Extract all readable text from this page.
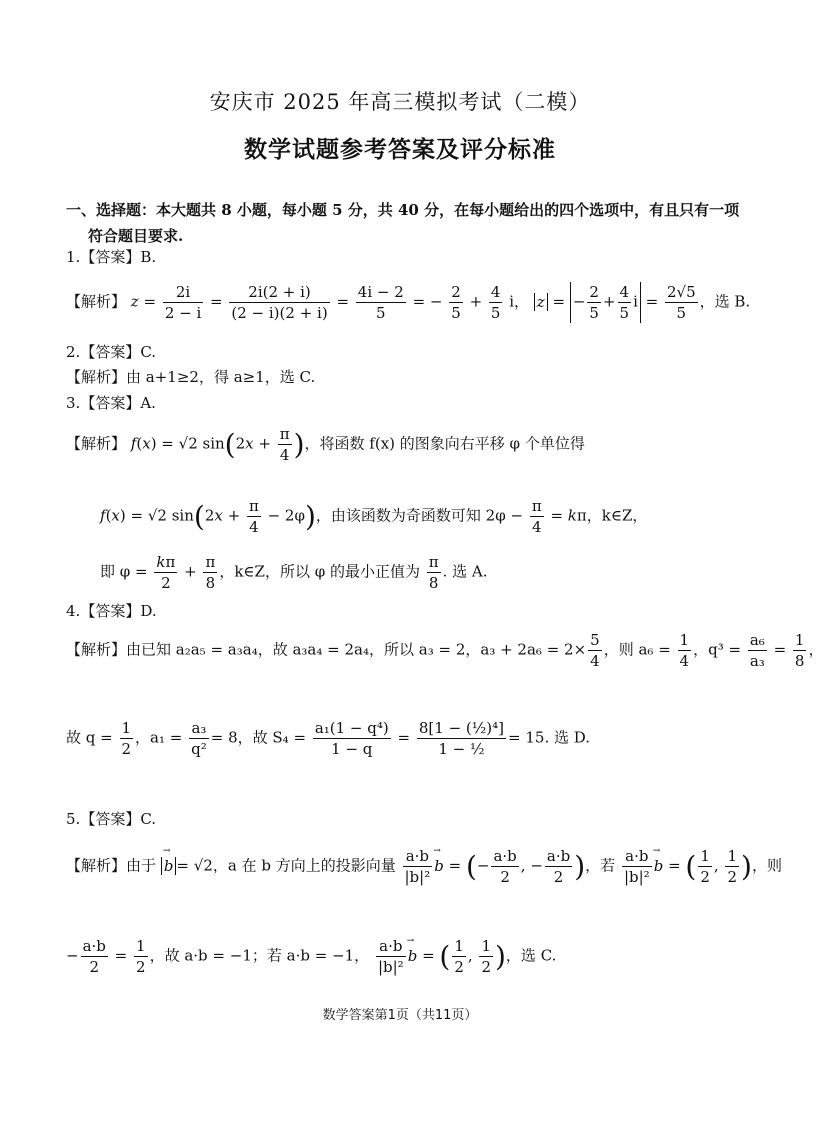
安庆市 2025 年高三模拟考试（二模）
数学试题参考答案及评分标准
一、选择题：本大题共 8 小题，每小题 5 分，共 40 分，在每小题给出的四个选项中，有且只有一项
符合题目要求.
1.【答案】B.
【解析】 $z = \frac{2i}{2 - i} = \frac{2i(2 + i)}{(2 - i)(2 + i)} = \frac{4i - 2}{5}$ = − $\frac{2}{5} + \frac{4}{5}$ i， z = − $\frac{2}{5} + \frac{4}{5}$ $i = \frac{2√5}{5}$ ，选 B.
2.【答案】C.
【解析】由 a+1≥2，得 a≥1，选 C.
3.【答案】A.
【解析】 f(x) = √2 $\sin(2x + \frac{\pi}{4}$ )，将函数 f(x) 的图象向右平移 φ 个单位得
f(x) = √2 $\sin(2x + \frac{\pi}{4} - 2\varphi)$，由该函数为奇函数可知 $2\varphi - \frac{\pi}{4} = k\pi$，k∈Z，
即 $\varphi = \frac{k\pi}{2} + \frac{\pi}{8}$ ，k∈Z，所以 φ 的最小正值为 $\frac{\pi}{8}$ . 选 A.
4.【答案】D.
【解析】由已知 a₂a₅ = a₃a₄，故 a₃a₄ = 2a₄，所以 a₃ = 2，$a_3 + 2a_6 = 2\times \frac{5}{4}$ ，则 $a_6 = \frac{1}{4}$ ，$q^3 = \frac{\text{a₆}}{\text{a₃}} = \frac{1}{8}$ ，
故 $q = \frac{1}{2}$ ，$a_1 = \frac{\text{a₃}}{\text{q²}} = 8$，故 $S_4 = \frac{\text{a₁(1 − q⁴)}}{1 - q} = \frac{\text{8[1 − (½)⁴]}}{\text{1 − ½}} = 15$. 选 D.
5.【答案】C.
【解析】由于 → b = √2，a 在 b 方向上的投影向量 $\frac{a\cdot b}{\text{|b|²}}$
→ b = (− $\frac{a\cdot b}{2}$ , − $\frac{a\cdot b}{2}$ )，若 $\frac{a\cdot b}{\text{|b|²}}$
→ b = ( $\frac{1}{2}$ , $\frac{1}{2}$ )，则
− $\frac{a\cdot b}{2} = \frac{1}{2}$ ，故 a·b = −1；若 a·b = −1， $\frac{a\cdot b}{\text{|b|²}}$
→ b = ( $\frac{1}{2}$ , $\frac{1}{2}$ )，选 C.
数学答案第1页（共11页）
